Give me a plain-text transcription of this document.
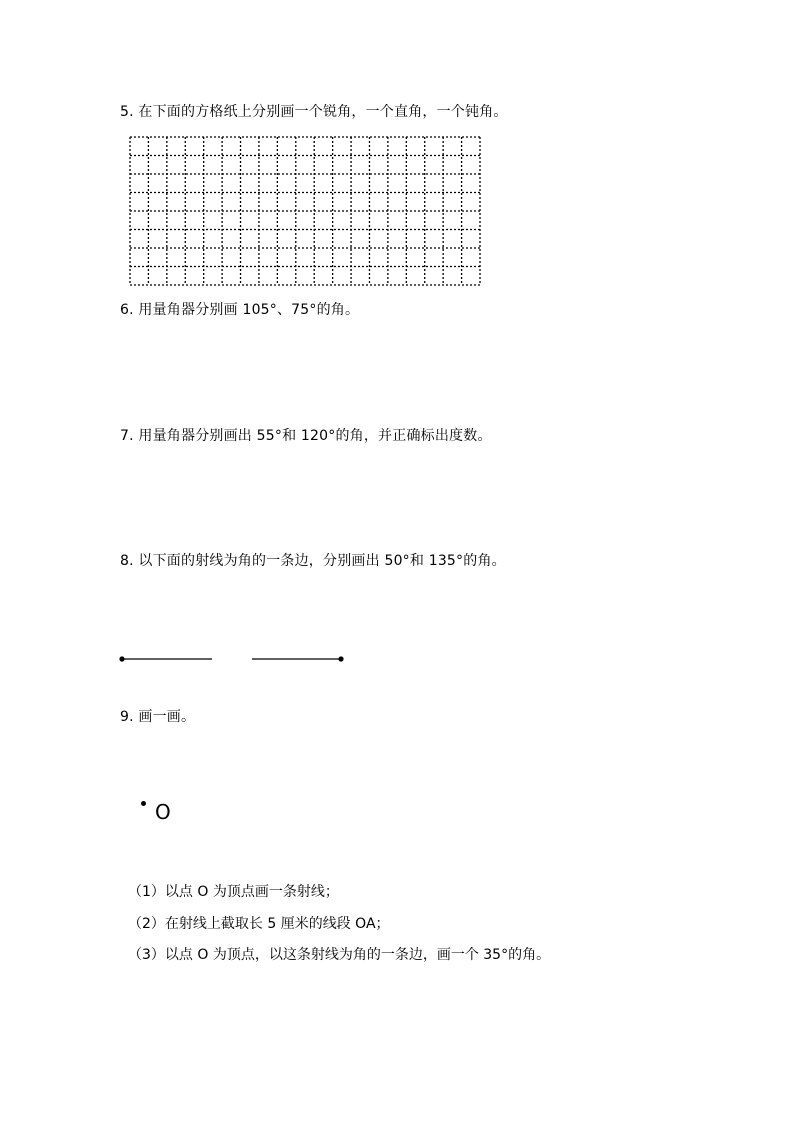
5. 在下面的方格纸上分别画一个锐角，一个直角，一个钝角。
6. 用量角器分别画 105°、75°的角。
7. 用量角器分别画出 55°和 120°的角，并正确标出度数。
8. 以下面的射线为角的一条边，分别画出 50°和 135°的角。
9. 画一画。
O
（1）以点 O 为顶点画一条射线；
（2）在射线上截取长 5 厘米的线段 OA；
（3）以点 O 为顶点，以这条射线为角的一条边，画一个 35°的角。
